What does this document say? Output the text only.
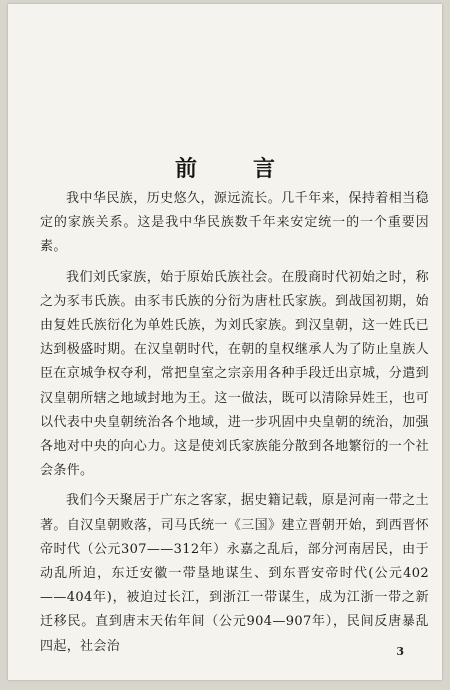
前	言

我中华民族，历史悠久，源远流长。几千年来，保持着相当稳定的家族关系。这是我中华民族数千年来安定统一的一个重要因素。

我们刘氏家族，始于原始氏族社会。在殷商时代初始之时，称之为豕韦氏族。由豕韦氏族的分衍为唐杜氏家族。到战国初期，始由复姓氏族衍化为单姓氏族，为刘氏家族。到汉皇朝，这一姓氏已达到极盛时期。在汉皇朝时代，在朝的皇权继承人为了防止皇族人臣在京城争权夺利，常把皇室之宗亲用各种手段迁出京城，分遣到汉皇朝所辖之地域封地为王。这一做法，既可以清除异姓王，也可以代表中央皇朝统治各个地域，进一步巩固中央皇朝的统治，加强各地对中央的向心力。这是使刘氏家族能分散到各地繁衍的一个社会条件。

我们今天聚居于广东之客家，据史籍记载，原是河南一带之土著。自汉皇朝败落，司马氏统一《三国》建立晋朝开始，到西晋怀帝时代（公元307——312年）永嘉之乱后，部分河南居民，由于动乱所迫，东迁安徽一带垦地谋生、到东晋安帝时代(公元402——404年)，被迫过长江，到浙江一带谋生，成为江浙一带之新迁移民。直到唐末天佑年间（公元904—907年），民间反唐暴乱四起，社会治	3
